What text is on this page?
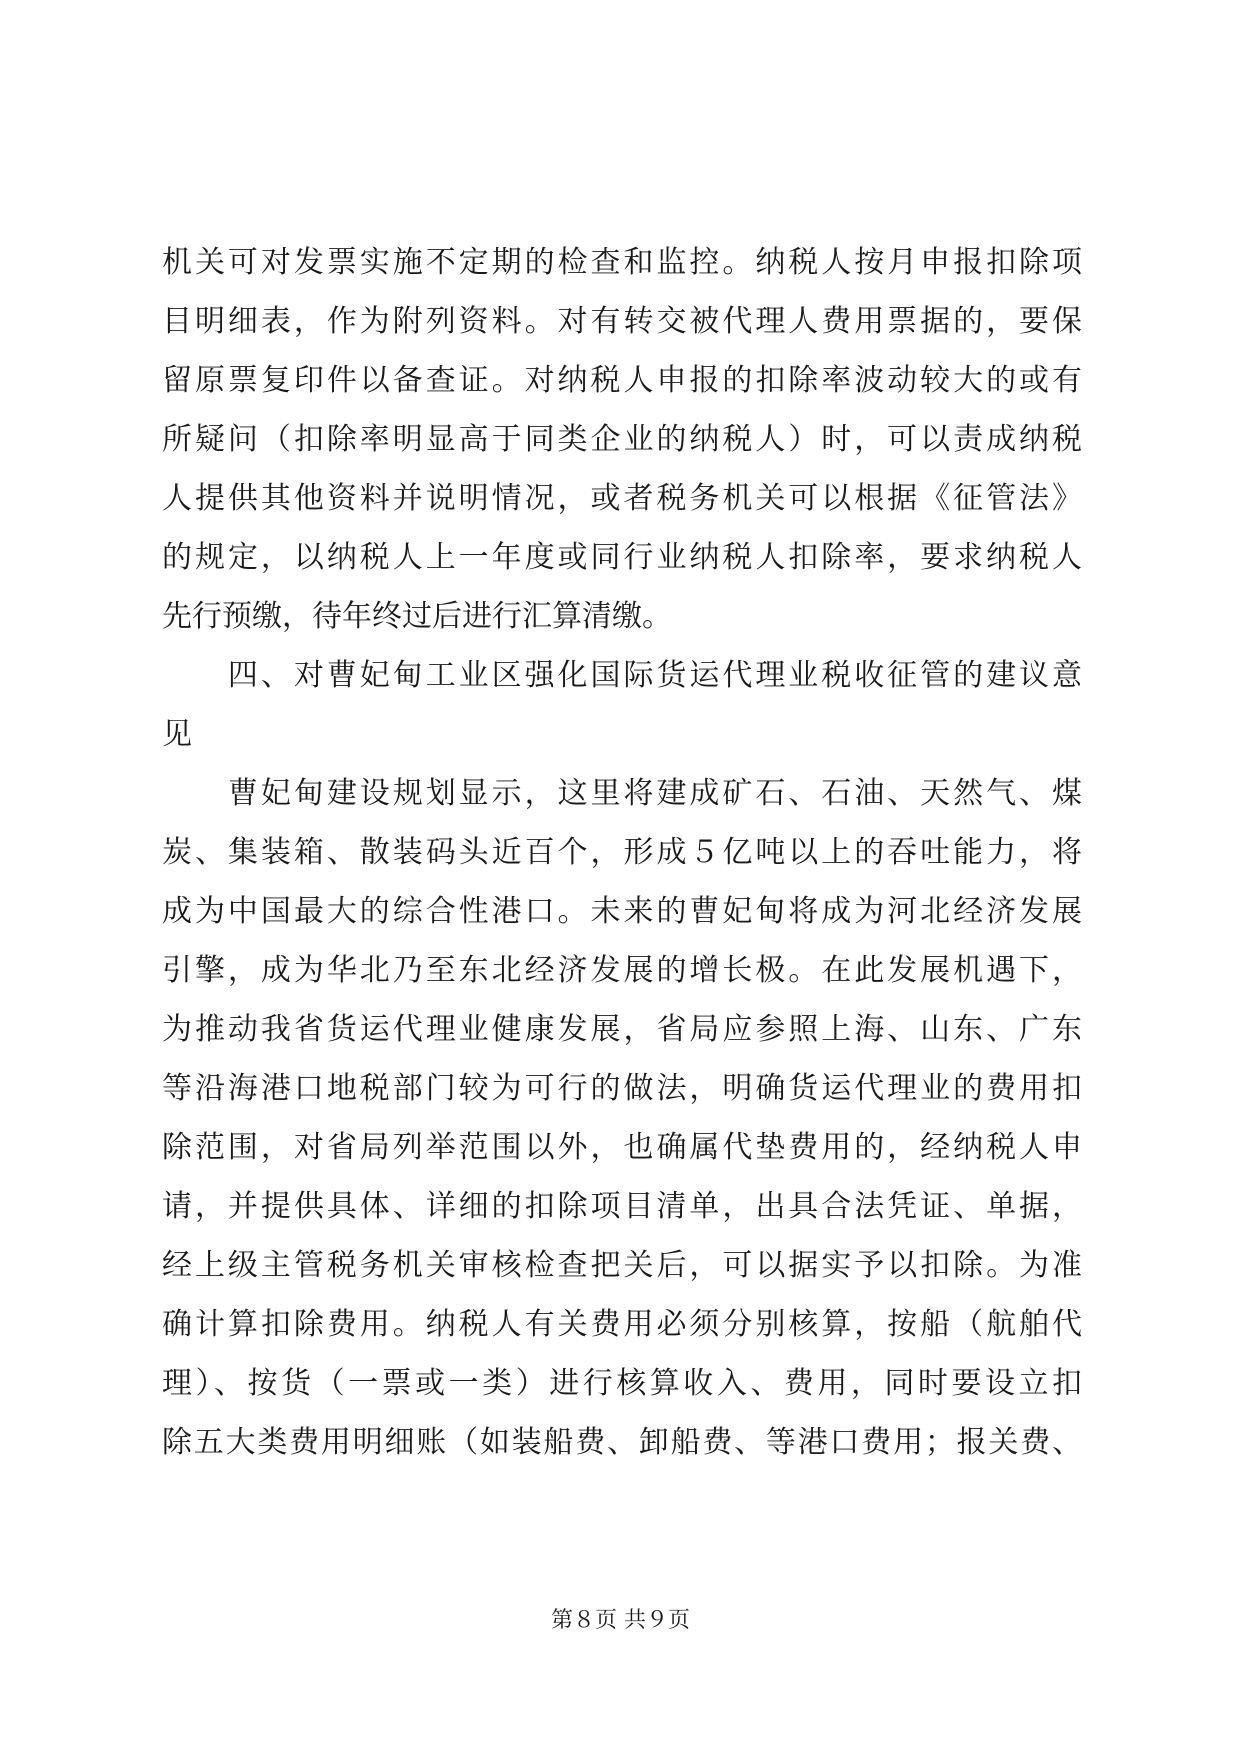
机关可对发票实施不定期的检查和监控。纳税人按月申报扣除项
目明细表，作为附列资料。对有转交被代理人费用票据的，要保
留原票复印件以备查证。对纳税人申报的扣除率波动较大的或有
所疑问（扣除率明显高于同类企业的纳税人）时，可以责成纳税
人提供其他资料并说明情况，或者税务机关可以根据《征管法》
的规定，以纳税人上一年度或同行业纳税人扣除率，要求纳税人
先行预缴，待年终过后进行汇算清缴。
　　四、对曹妃甸工业区强化国际货运代理业税收征管的建议意
见
　　曹妃甸建设规划显示，这里将建成矿石、石油、天然气、煤
炭、集装箱、散装码头近百个，形成５亿吨以上的吞吐能力，将
成为中国最大的综合性港口。未来的曹妃甸将成为河北经济发展
引擎，成为华北乃至东北经济发展的增长极。在此发展机遇下，
为推动我省货运代理业健康发展，省局应参照上海、山东、广东
等沿海港口地税部门较为可行的做法，明确货运代理业的费用扣
除范围，对省局列举范围以外，也确属代垫费用的，经纳税人申
请，并提供具体、详细的扣除项目清单，出具合法凭证、单据，
经上级主管税务机关审核检查把关后，可以据实予以扣除。为准
确计算扣除费用。纳税人有关费用必须分别核算，按船（航舶代
理）、按货（一票或一类）进行核算收入、费用，同时要设立扣
除五大类费用明细账（如装船费、卸船费、等港口费用；报关费、
第８页 共９页
